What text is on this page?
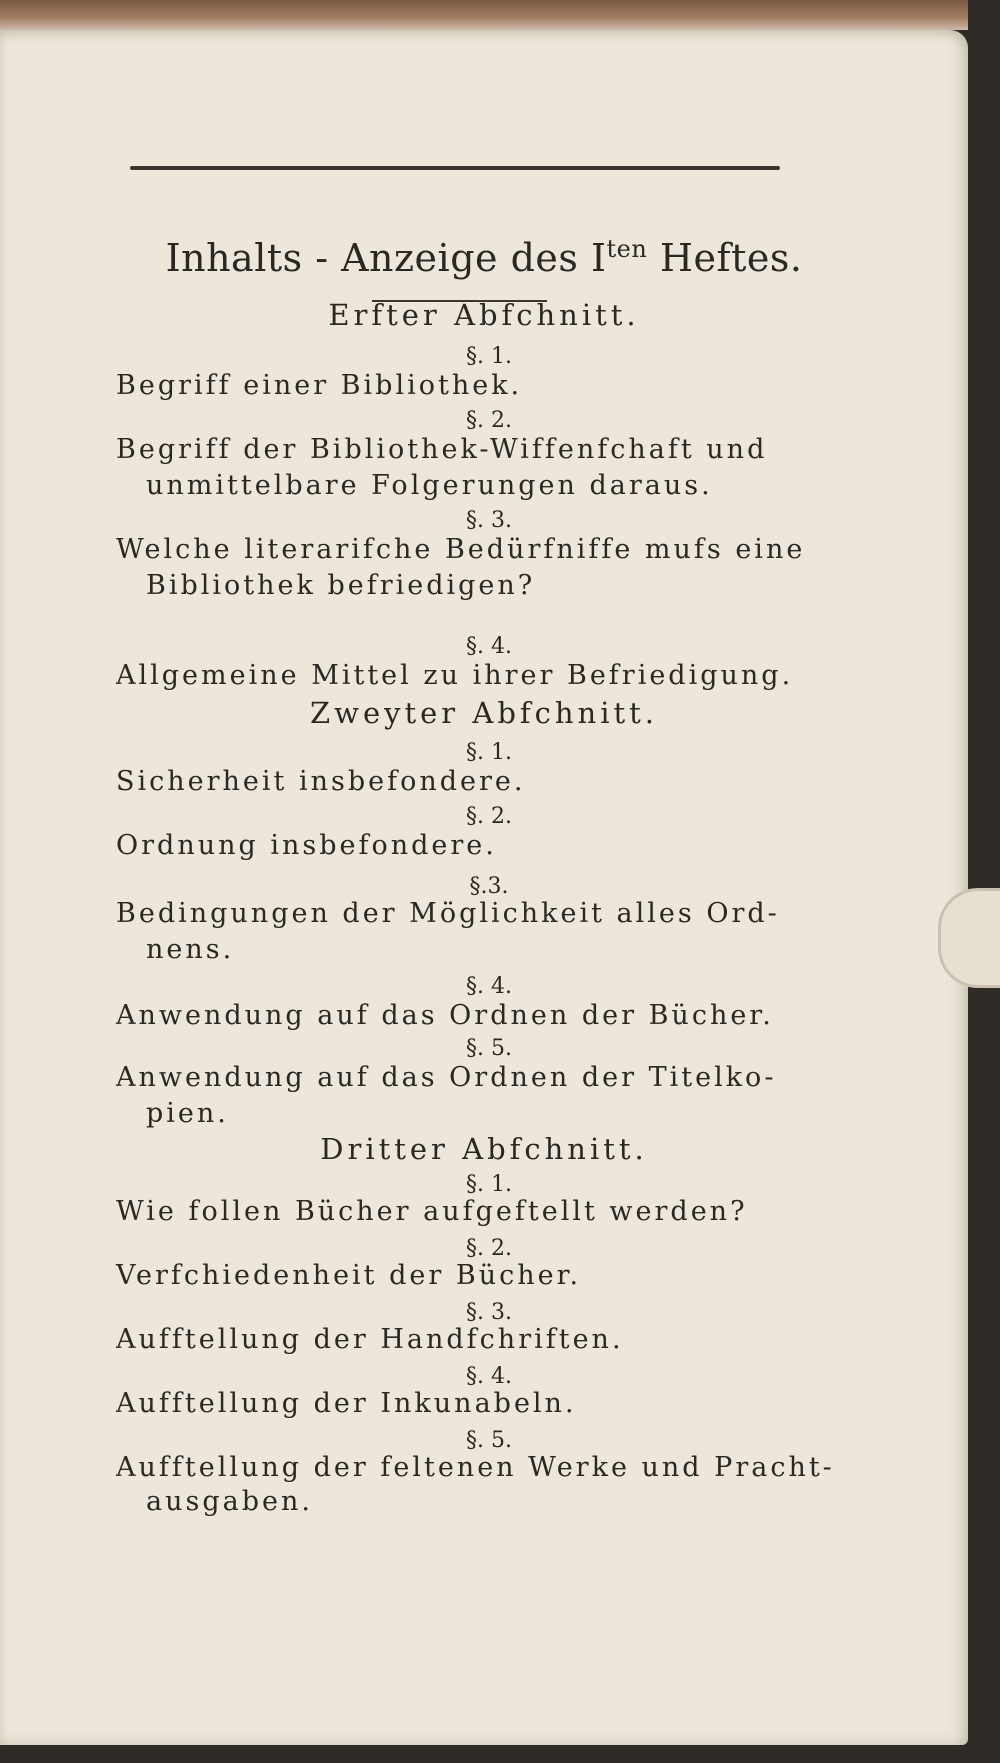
Inhalts - Anzeige des $I^{ten}$ Heftes.
Erfter Abfchnitt.
§. 1.
Begriff einer Bibliothek.
§. 2.
Begriff der Bibliothek-Wiffenfchaft und
unmittelbare Folgerungen daraus.
§. 3.
Welche literarifche Bedürfniffe mufs eine
Bibliothek befriedigen?
§. 4.
Allgemeine Mittel zu ihrer Befriedigung.
Zweyter Abfchnitt.
§. 1.
Sicherheit insbefondere.
§. 2.
Ordnung insbefondere.
§.3.
Bedingungen der Möglichkeit alles Ord-
nens.
§. 4.
Anwendung auf das Ordnen der Bücher.
§. 5.
Anwendung auf das Ordnen der Titelko-
pien.
Dritter Abfchnitt.
§. 1.
Wie follen Bücher aufgeftellt werden?
§. 2.
Verfchiedenheit der Bücher.
§. 3.
Aufftellung der Handfchriften.
§. 4.
Aufftellung der Inkunabeln.
§. 5.
Aufftellung der feltenen Werke und Pracht-
ausgaben.
